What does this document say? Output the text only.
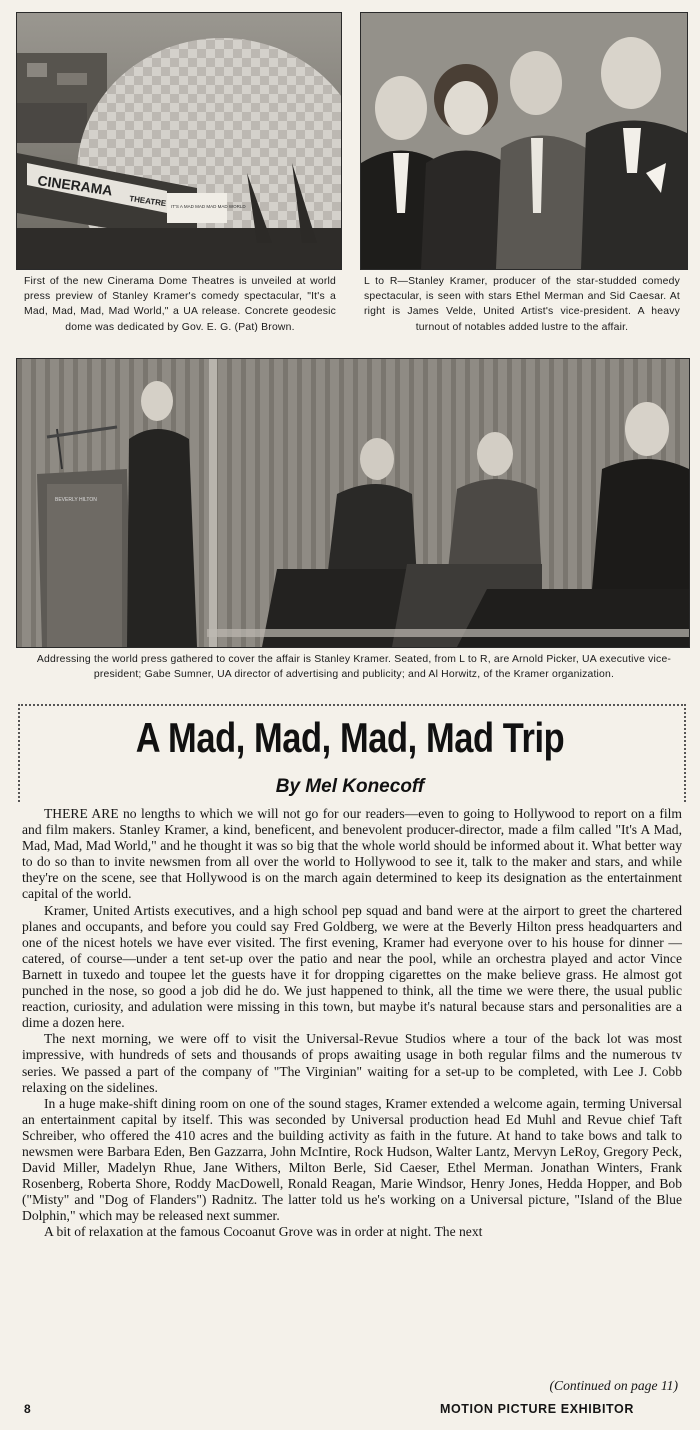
CINERAMA
THEATRE IT'S A MAD MAD MAD MAD WORLD
First of the new Cinerama Dome Theatres is unveiled at world press preview of Stanley Kramer's comedy spectacular, "It's a Mad, Mad, Mad, Mad World," a UA release. Concrete geodesic dome was dedicated by Gov. E. G. (Pat) Brown.
L to R—Stanley Kramer, producer of the star-studded comedy spectacular, is seen with stars Ethel Merman and Sid Caesar. At right is James Velde, United Artist's vice-president. A heavy turnout of notables added lustre to the affair.
BEVERLY HILTON
Addressing the world press gathered to cover the affair is Stanley Kramer. Seated, from L to R, are Arnold Picker, UA executive vice-president; Gabe Sumner, UA director of advertising and publicity; and Al Horwitz, of the Kramer organization.
A Mad, Mad, Mad, Mad Trip
By Mel Konecoff

THERE ARE no lengths to which we will not go for our readers—even to going to Hollywood to report on a film and film makers. Stanley Kramer, a kind, beneficent, and benevolent producer-director, made a film called "It's A Mad, Mad, Mad, Mad World," and he thought it was so big that the whole world should be informed about it. What better way to do so than to invite newsmen from all over the world to Hollywood to see it, talk to the maker and stars, and while they're on the scene, see that Hollywood is on the march again determined to keep its designation as the entertainment capital of the world.

Kramer, United Artists executives, and a high school pep squad and band were at the airport to greet the chartered planes and occupants, and before you could say Fred Goldberg, we were at the Beverly Hilton press headquarters and one of the nicest hotels we have ever visited. The first evening, Kramer had everyone over to his house for dinner —catered, of course—under a tent set-up over the patio and near the pool, while an orchestra played and actor Vince Barnett in tuxedo and toupee let the guests have it for dropping cigarettes on the make believe grass. He almost got punched in the nose, so good a job did he do. We just happened to think, all the time we were there, the usual public reaction, curiosity, and adulation were missing in this town, but maybe it's natural because stars and personalities are a dime a dozen here.

The next morning, we were off to visit the Universal-Revue Studios where a tour of the back lot was most impressive, with hundreds of sets and thousands of props awaiting usage in both regular films and the numerous tv series. We passed a part of the company of "The Virginian" waiting for a set-up to be completed, with Lee J. Cobb relaxing on the sidelines.

In a huge make-shift dining room on one of the sound stages, Kramer extended a welcome again, terming Universal an entertainment capital by itself. This was seconded by Universal production head Ed Muhl and Revue chief Taft Schreiber, who offered the 410 acres and the building activity as faith in the future. At hand to take bows and talk to newsmen were Barbara Eden, Ben Gazzarra, John McIntire, Rock Hudson, Walter Lantz, Mervyn LeRoy, Gregory Peck, David Miller, Madelyn Rhue, Jane Withers, Milton Berle, Sid Caeser, Ethel Merman. Jonathan Winters, Frank Rosenberg, Roberta Shore, Roddy MacDowell, Ronald Reagan, Marie Windsor, Henry Jones, Hedda Hopper, and Bob ("Misty" and "Dog of Flanders") Radnitz. The latter told us he's working on a Universal picture, "Island of the Blue Dolphin," which may be released next summer.

A bit of relaxation at the famous Cocoanut Grove was in order at night. The next

(Continued on page 11)
8	MOTION PICTURE EXHIBITOR
